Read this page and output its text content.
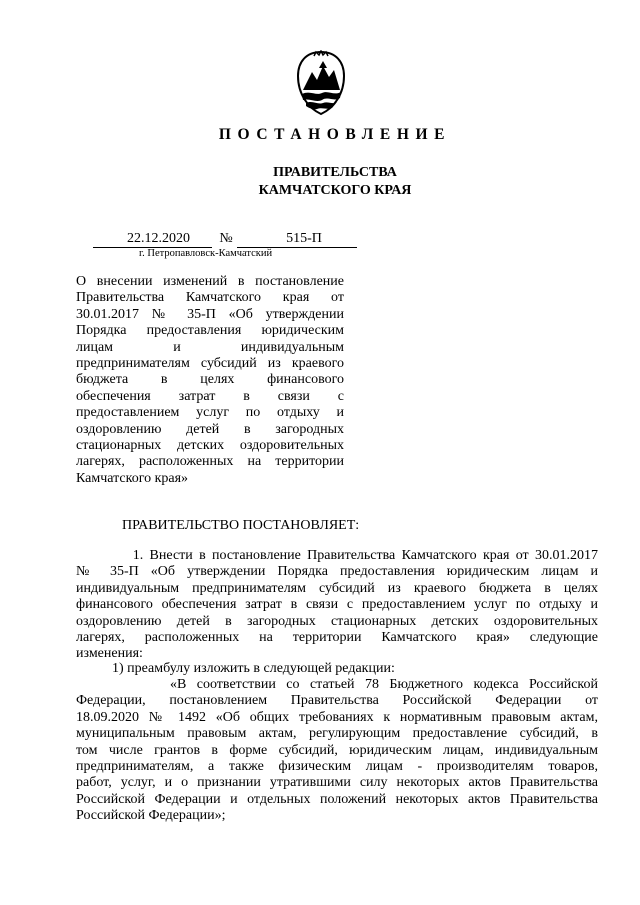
ПОСТАНОВЛЕНИЕ
ПРАВИТЕЛЬСТВА
КАМЧАТСКОГО КРАЯ
22.12.2020	№	515-П
г. Петропавловск-Камчатский
О внесении изменений в постановление
Правительства Камчатского края от
30.01.2017 № 35-П «Об утверждении
Порядка предоставления юридическим
лицам и индивидуальным
предпринимателям субсидий из краевого
бюджета в целях финансового
обеспечения затрат в связи с
предоставлением услуг по отдыху и
оздоровлению детей в загородных
стационарных детских оздоровительных
лагерях, расположенных на территории
Камчатского края»
ПРАВИТЕЛЬСТВО ПОСТАНОВЛЯЕТ:
1. Внести в постановление Правительства Камчатского края от 30.01.2017
№ 35-П «Об утверждении Порядка предоставления юридическим лицам и
индивидуальным предпринимателям субсидий из краевого бюджета в целях
финансового обеспечения затрат в связи с предоставлением услуг по отдыху и
оздоровлению детей в загородных стационарных детских оздоровительных
лагерях, расположенных на территории Камчатского края» следующие
изменения:
1) преамбулу изложить в следующей редакции:
«В соответствии со статьей 78 Бюджетного кодекса Российской
Федерации, постановлением Правительства Российской Федерации от
18.09.2020 № 1492 «Об общих требованиях к нормативным правовым актам,
муниципальным правовым актам, регулирующим предоставление субсидий, в
том числе грантов в форме субсидий, юридическим лицам, индивидуальным
предпринимателям, а также физическим лицам - производителям товаров,
работ, услуг, и о признании утратившими силу некоторых актов Правительства
Российской Федерации и отдельных положений некоторых актов Правительства
Российской Федерации»;
